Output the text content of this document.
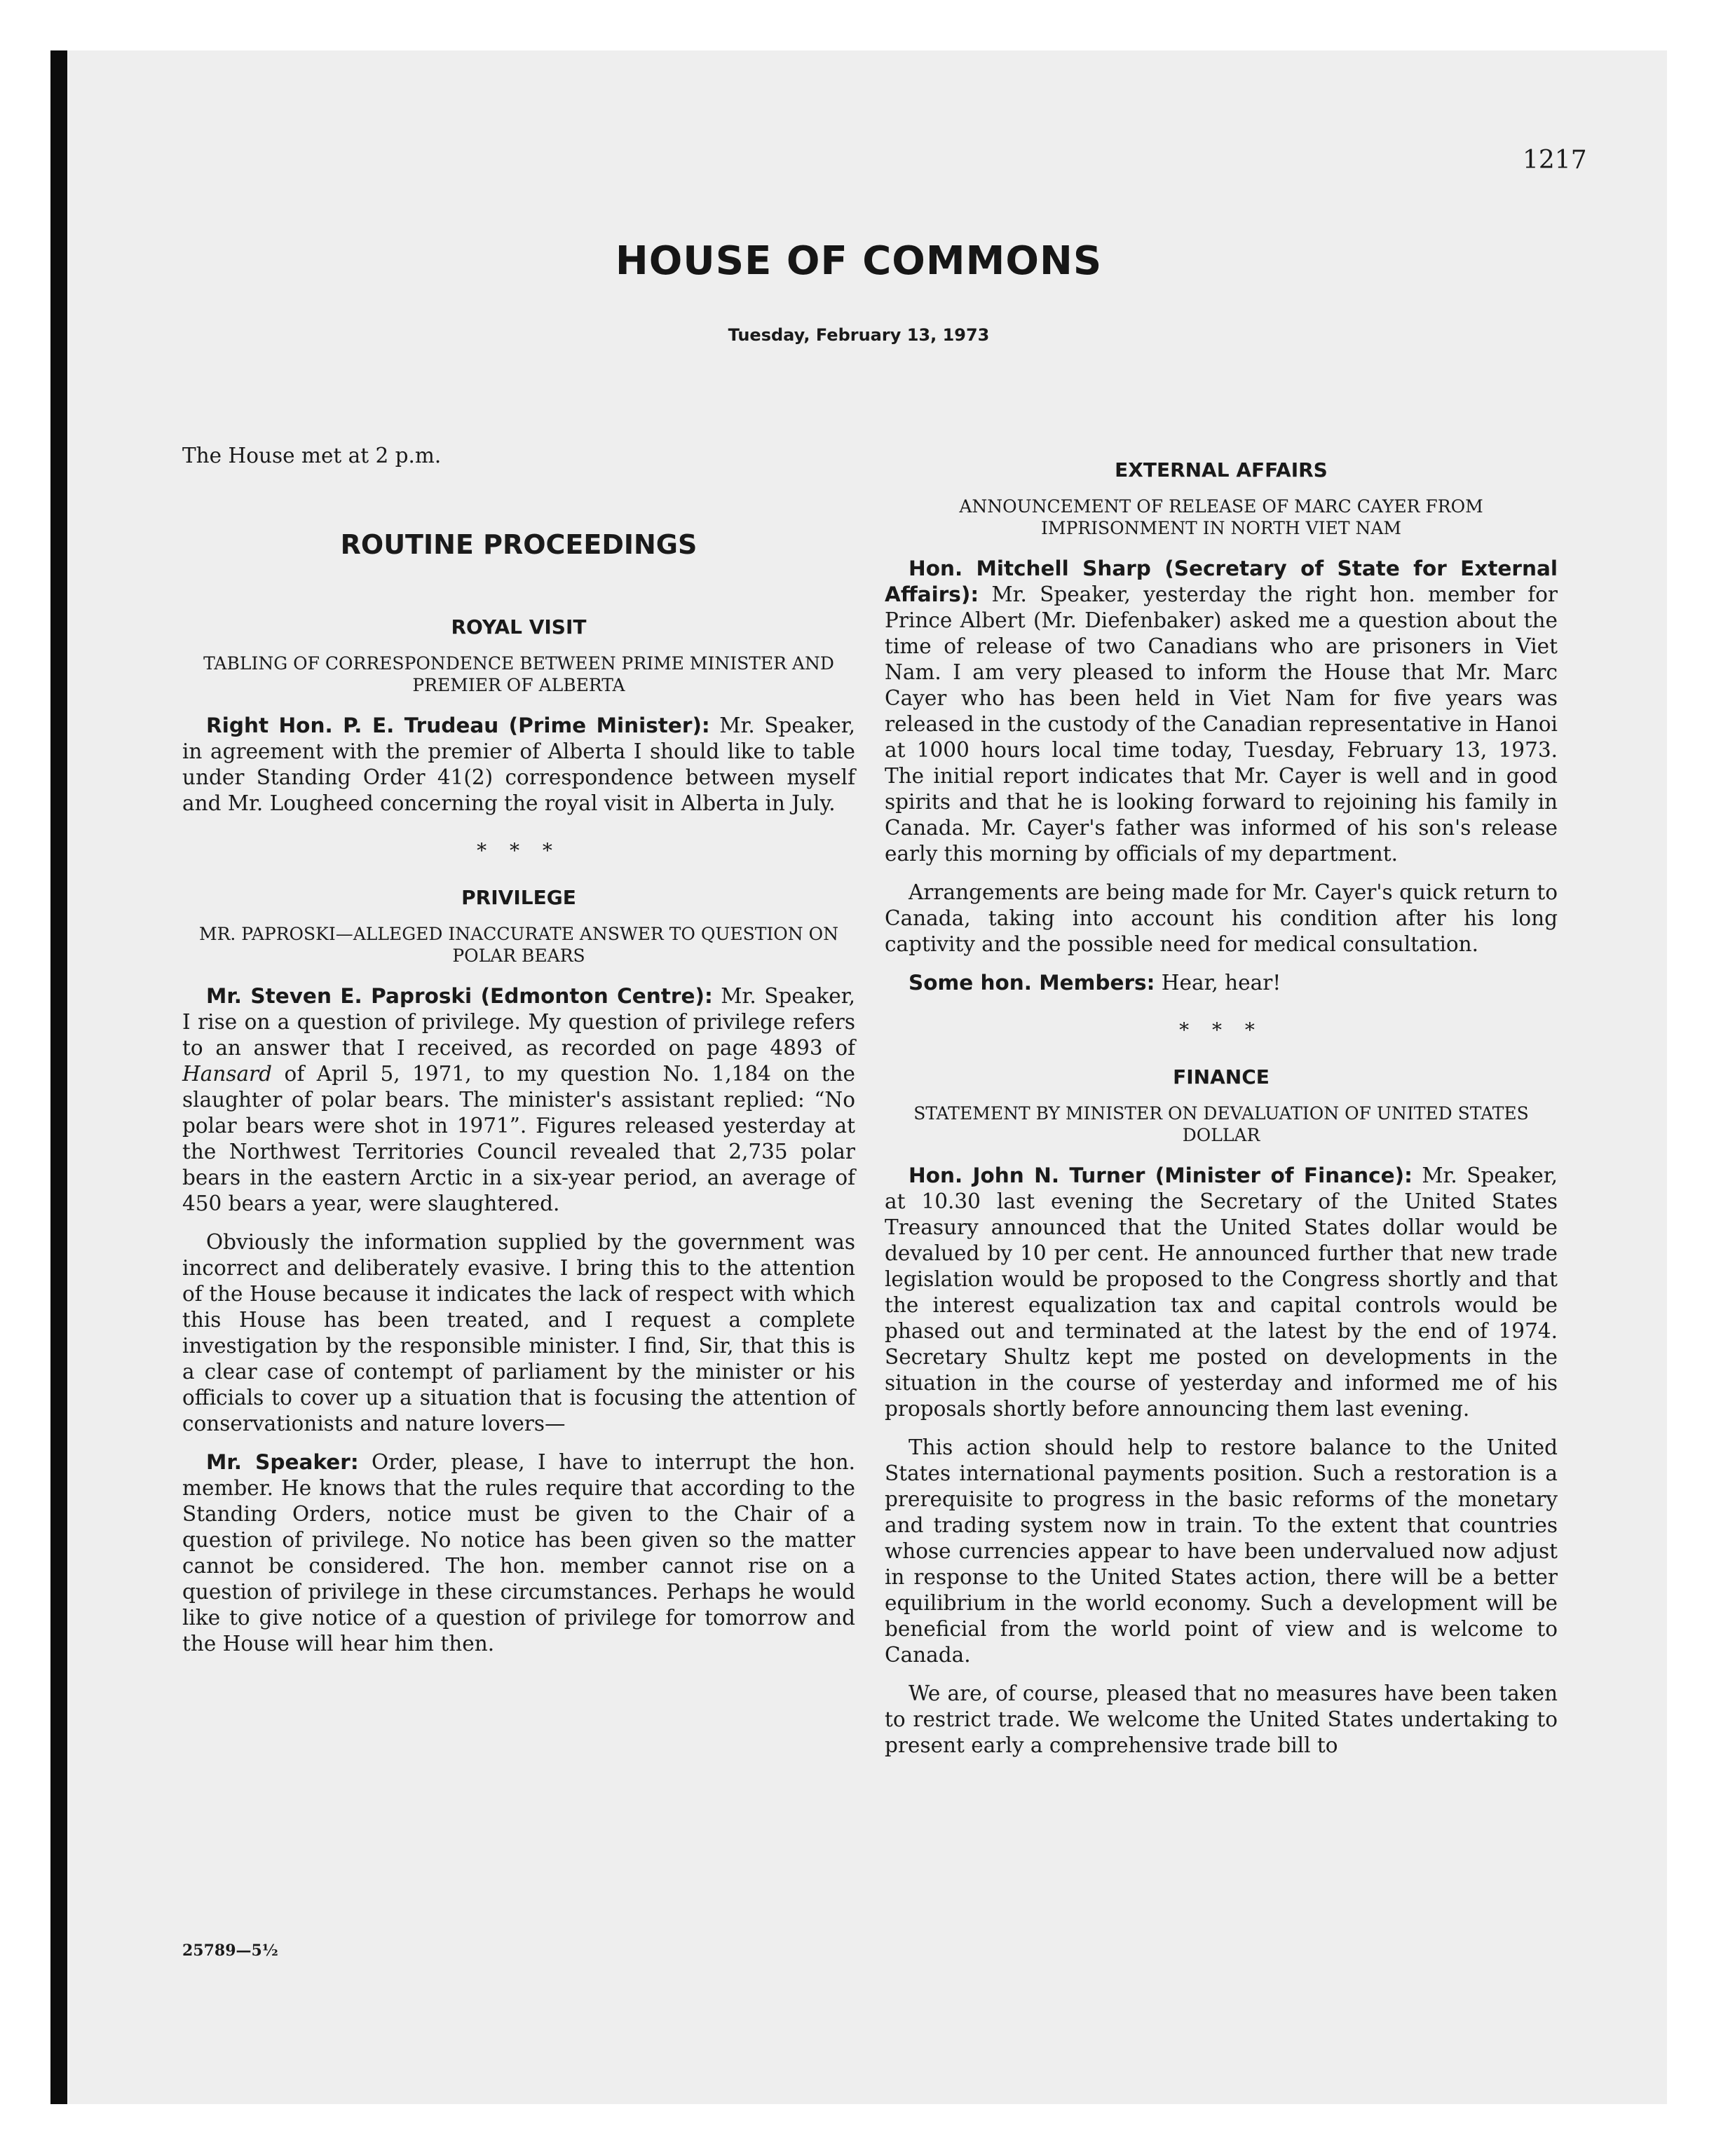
1217
HOUSE OF COMMONS
Tuesday, February 13, 1973

The House met at 2 p.m.

ROUTINE PROCEEDINGS
ROYAL VISIT
TABLING OF CORRESPONDENCE BETWEEN PRIME MINISTER AND PREMIER OF ALBERTA

Right Hon. P. E. Trudeau (Prime Minister): Mr. Speaker, in agreement with the premier of Alberta I should like to table under Standing Order 41(2) correspondence between myself and Mr. Lougheed concerning the royal visit in Alberta in July.

* * *
PRIVILEGE
MR. PAPROSKI—ALLEGED INACCURATE ANSWER TO QUESTION ON POLAR BEARS

Mr. Steven E. Paproski (Edmonton Centre): Mr. Speaker, I rise on a question of privilege. My question of privilege refers to an answer that I received, as recorded on page 4893 of Hansard of April 5, 1971, to my question No. 1,184 on the slaughter of polar bears. The minister's assistant replied: “No polar bears were shot in 1971”. Figures released yesterday at the Northwest Territories Council revealed that 2,735 polar bears in the eastern Arctic in a six-year period, an average of 450 bears a year, were slaughtered.

Obviously the information supplied by the government was incorrect and deliberately evasive. I bring this to the attention of the House because it indicates the lack of respect with which this House has been treated, and I request a complete investigation by the responsible minister. I find, Sir, that this is a clear case of contempt of parliament by the minister or his officials to cover up a situation that is focusing the attention of conservationists and nature lovers—

Mr. Speaker: Order, please, I have to interrupt the hon. member. He knows that the rules require that according to the Standing Orders, notice must be given to the Chair of a question of privilege. No notice has been given so the matter cannot be considered. The hon. member cannot rise on a question of privilege in these circumstances. Perhaps he would like to give notice of a question of privilege for tomorrow and the House will hear him then.

25789—5½
EXTERNAL AFFAIRS
ANNOUNCEMENT OF RELEASE OF MARC CAYER FROM IMPRISONMENT IN NORTH VIET NAM

Hon. Mitchell Sharp (Secretary of State for External Affairs): Mr. Speaker, yesterday the right hon. member for Prince Albert (Mr. Diefenbaker) asked me a question about the time of release of two Canadians who are prisoners in Viet Nam. I am very pleased to inform the House that Mr. Marc Cayer who has been held in Viet Nam for five years was released in the custody of the Canadian representative in Hanoi at 1000 hours local time today, Tuesday, February 13, 1973. The initial report indicates that Mr. Cayer is well and in good spirits and that he is looking forward to rejoining his family in Canada. Mr. Cayer's father was informed of his son's release early this morning by officials of my department.

Arrangements are being made for Mr. Cayer's quick return to Canada, taking into account his condition after his long captivity and the possible need for medical consultation.

Some hon. Members: Hear, hear!

* * *
FINANCE
STATEMENT BY MINISTER ON DEVALUATION OF UNITED STATES DOLLAR

Hon. John N. Turner (Minister of Finance): Mr. Speaker, at 10.30 last evening the Secretary of the United States Treasury announced that the United States dollar would be devalued by 10 per cent. He announced further that new trade legislation would be proposed to the Congress shortly and that the interest equalization tax and capital controls would be phased out and terminated at the latest by the end of 1974. Secretary Shultz kept me posted on developments in the situation in the course of yesterday and informed me of his proposals shortly before announcing them last evening.

This action should help to restore balance to the United States international payments position. Such a restoration is a prerequisite to progress in the basic reforms of the monetary and trading system now in train. To the extent that countries whose currencies appear to have been undervalued now adjust in response to the United States action, there will be a better equilibrium in the world economy. Such a development will be beneficial from the world point of view and is welcome to Canada.

We are, of course, pleased that no measures have been taken to restrict trade. We welcome the United States undertaking to present early a comprehensive trade bill to
